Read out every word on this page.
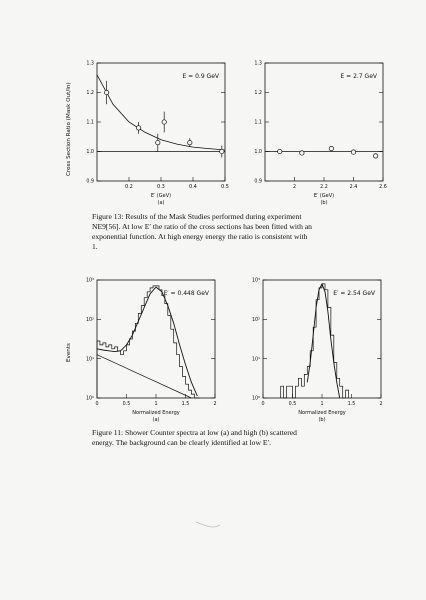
Cross Section Ratio (Mask Out/In)
E = 0.9 GeV
E′ (GeV)
(a)
0.9
1.0
1.1
1.2
1.3
0.2	0.3	0.4	0.5
E = 2.7 GeV
E′ (GeV)
(b)
0.9
1.0
1.1
1.2
1.3
2	2.2	2.4	2.6
Figure 13: Results of the Mask Studies performed during experiment
NE9[56]. At low E′ the ratio of the cross sections has been fitted with an
exponential function. At high energy energy the ratio is consistent with
1.
Events
E′ = 0.448 GeV
Normalized Energy
(a)
10⁰
10¹
10²
10³
0	0.5	1	1.5	2
E′ = 2.54 GeV
Normalized Energy
(b)
10⁰
10¹
10²
10³
0	0.5	1	1.5	2
Figure 11: Shower Counter spectra at low (a) and high (b) scattered
energy. The background can be clearly identified at low E′.
